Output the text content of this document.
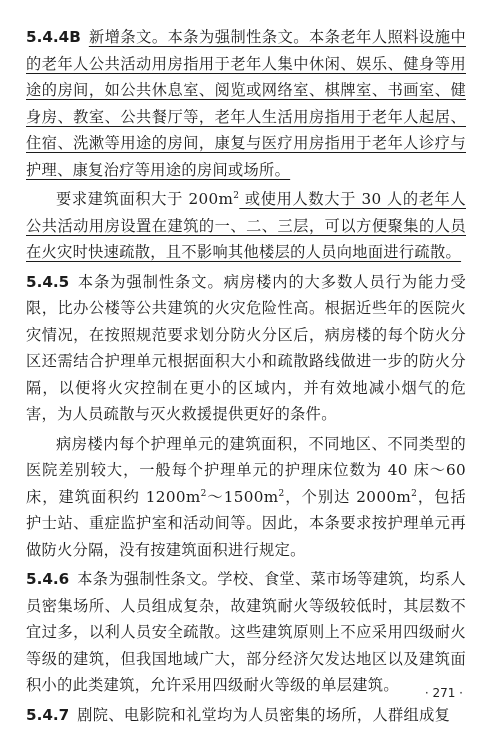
5.4.4B 新增条文。本条为强制性条文。本条老年人照料设施中的老年人公共活动用房指用于老年人集中休闲、娱乐、健身等用途的房间，如公共休息室、阅览或网络室、棋牌室、书画室、健身房、教室、公共餐厅等，老年人生活用房指用于老年人起居、住宿、洗漱等用途的房间，康复与医疗用房指用于老年人诊疗与护理、康复治疗等用途的房间或场所。

要求建筑面积大于 $200m^2$ 或使用人数大于 30 人的老年人公共活动用房设置在建筑的一、二、三层，可以方便聚集的人员在火灾时快速疏散，且不影响其他楼层的人员向地面进行疏散。

5.4.5 本条为强制性条文。病房楼内的大多数人员行为能力受限，比办公楼等公共建筑的火灾危险性高。根据近些年的医院火灾情况，在按照规范要求划分防火分区后，病房楼的每个防火分区还需结合护理单元根据面积大小和疏散路线做进一步的防火分隔，以便将火灾控制在更小的区域内，并有效地减小烟气的危害，为人员疏散与灭火救援提供更好的条件。

病房楼内每个护理单元的建筑面积，不同地区、不同类型的医院差别较大，一般每个护理单元的护理床位数为 40 床～60 床，建筑面积约 $1200m^2\sim 1500m^2$，个别达 $2000m^2$，包括护士站、重症监护室和活动间等。因此，本条要求按护理单元再做防火分隔，没有按建筑面积进行规定。

5.4.6 本条为强制性条文。学校、食堂、菜市场等建筑，均系人员密集场所、人员组成复杂，故建筑耐火等级较低时，其层数不宜过多，以利人员安全疏散。这些建筑原则上不应采用四级耐火等级的建筑，但我国地域广大，部分经济欠发达地区以及建筑面积小的此类建筑，允许采用四级耐火等级的单层建筑。

5.4.7 剧院、电影院和礼堂均为人员密集的场所，人群组成复

· 271 ·
